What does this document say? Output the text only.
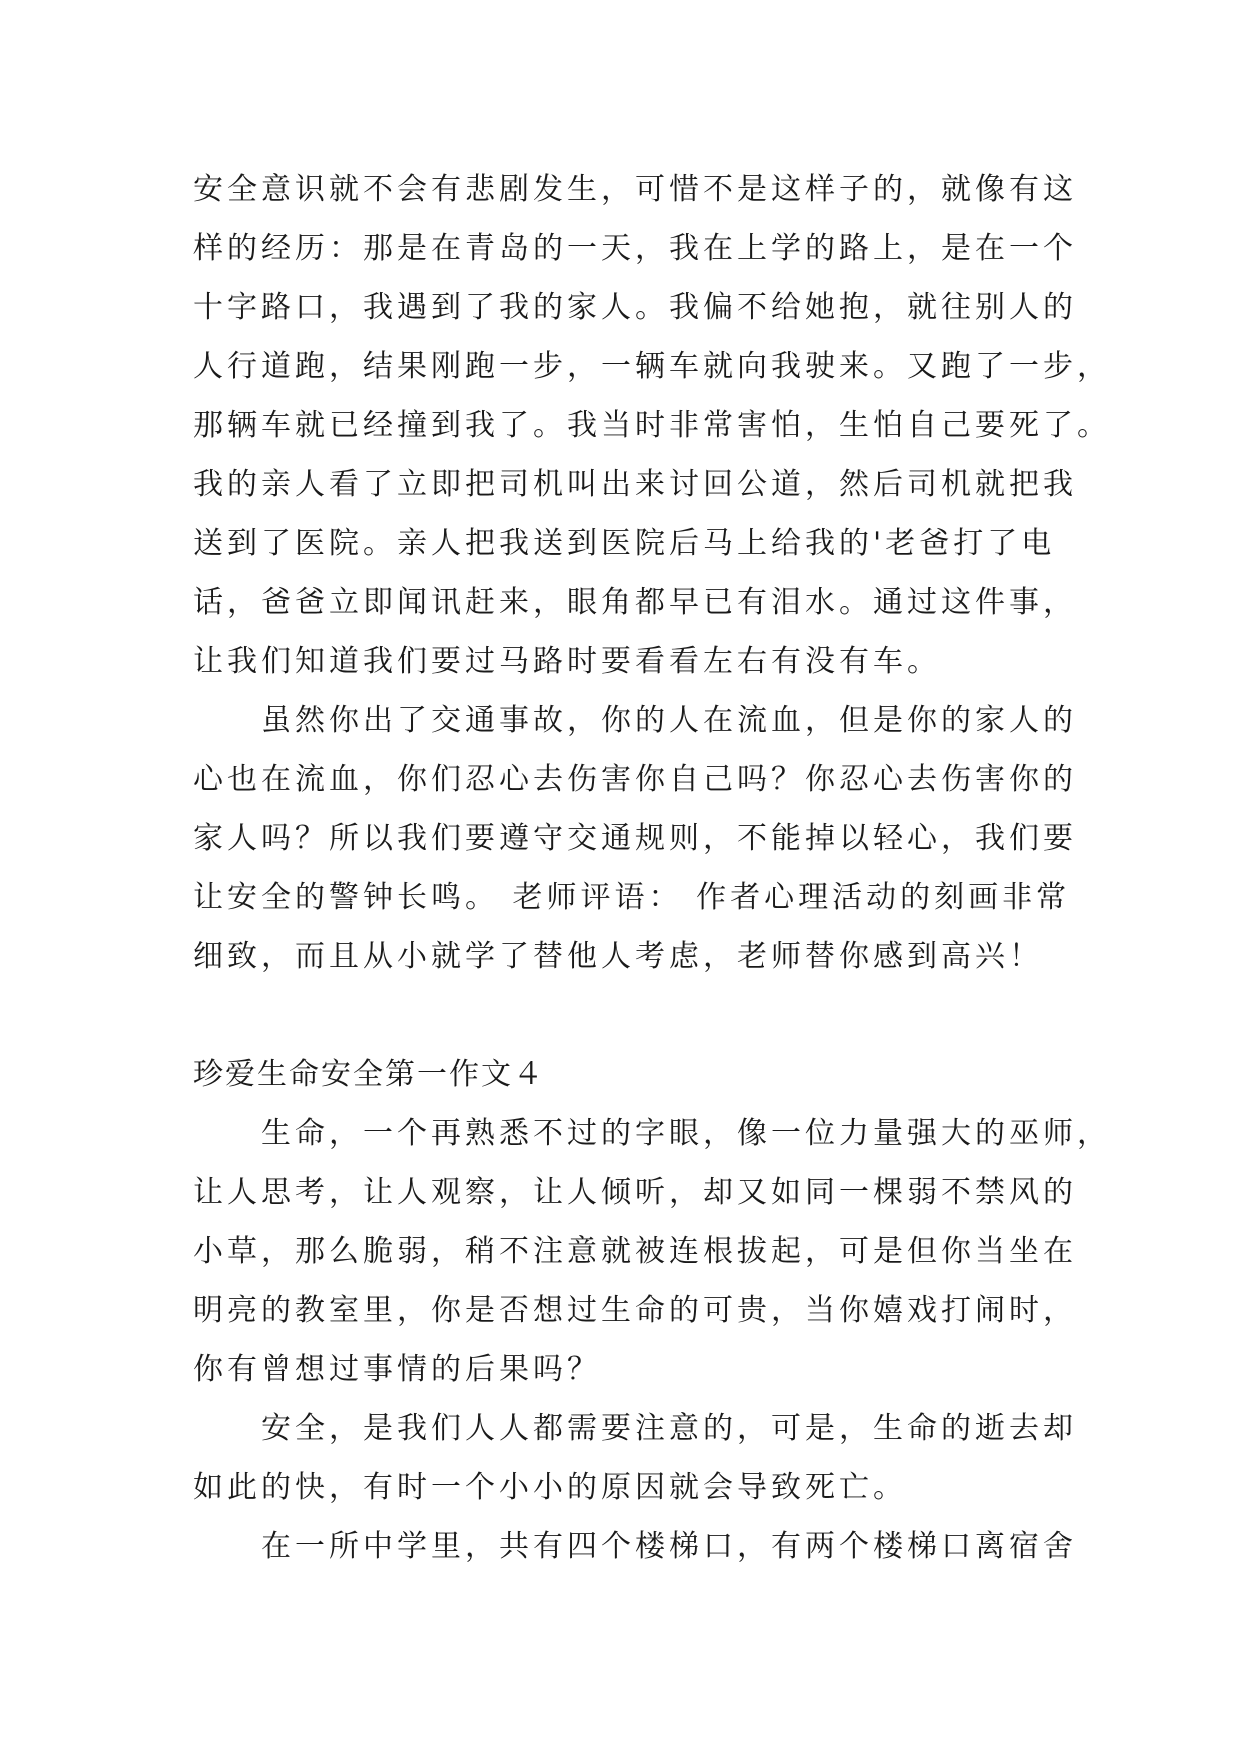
安全意识就不会有悲剧发生，可惜不是这样子的，就像有这
样的经历：那是在青岛的一天，我在上学的路上，是在一个
十字路口，我遇到了我的家人。我偏不给她抱，就往别人的
人行道跑，结果刚跑一步，一辆车就向我驶来。又跑了一步，
那辆车就已经撞到我了。我当时非常害怕，生怕自己要死了。
我的亲人看了立即把司机叫出来讨回公道，然后司机就把我
送到了医院。亲人把我送到医院后马上给我的'老爸打了电
话，爸爸立即闻讯赶来，眼角都早已有泪水。通过这件事，
让我们知道我们要过马路时要看看左右有没有车。
虽然你出了交通事故，你的人在流血，但是你的家人的
心也在流血，你们忍心去伤害你自己吗？你忍心去伤害你的
家人吗？所以我们要遵守交通规则，不能掉以轻心，我们要
让安全的警钟长鸣。 老师评语： 作者心理活动的刻画非常
细致，而且从小就学了替他人考虑，老师替你感到高兴！
珍爱生命安全第一作文４
生命，一个再熟悉不过的字眼，像一位力量强大的巫师，
让人思考，让人观察，让人倾听，却又如同一棵弱不禁风的
小草，那么脆弱，稍不注意就被连根拔起，可是但你当坐在
明亮的教室里，你是否想过生命的可贵，当你嬉戏打闹时，
你有曾想过事情的后果吗？
安全，是我们人人都需要注意的，可是，生命的逝去却
如此的快，有时一个小小的原因就会导致死亡。
在一所中学里，共有四个楼梯口，有两个楼梯口离宿舍
